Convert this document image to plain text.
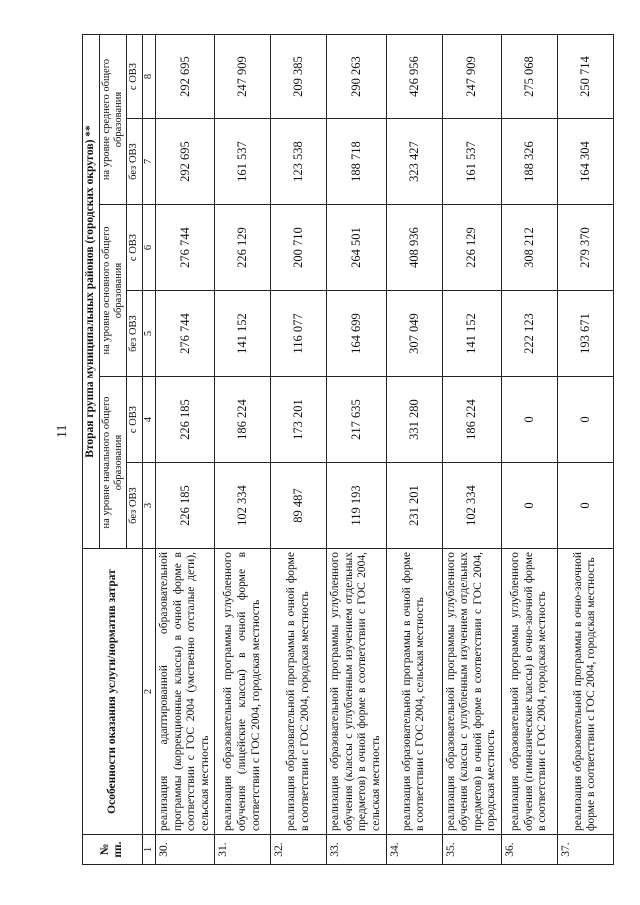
11
№ пп.	Особенности оказания услуги/норматив затрат	Вторая группа муниципальных районов (городских округов) **					
		на уровне начального общего образования		на уровне основного общего образования		на уровне среднего общего образования	
		без ОВЗ	с ОВЗ	без ОВЗ	с ОВЗ	без ОВЗ	с ОВЗ

1	2	3	4	5	6	7	8
30.	реализация адаптированной образовательной программы (коррекционные классы) в очной форме в соответствии с ГОС 2004 (умственно отсталые дети), сельская местность	226 185	226 185	276 744	276 744	292 695	292 695
31.	реализация образовательной программы углубленного обучения (лицейские классы) в очной форме в соответствии с ГОС 2004, городская местность	102 334	186 224	141 152	226 129	161 537	247 909
32.	реализация образовательной программы в очной форме в соответствии с ГОС 2004, городская местность	89 487	173 201	116 077	200 710	123 538	209 385
33.	реализация образовательной программы углубленного обучения (классы с углубленным изучением отдельных предметов) в очной форме в соответствии с ГОС 2004, сельская местность	119 193	217 635	164 699	264 501	188 718	290 263
34.	реализация образовательной программы в очной форме в соответствии с ГОС 2004, сельская местность	231 201	331 280	307 049	408 936	323 427	426 956
35.	реализация образовательной программы углубленного обучения (классы с углубленным изучением отдельных предметов) в очной форме в соответствии с ГОС 2004, городская местность	102 334	186 224	141 152	226 129	161 537	247 909
36.	реализация образовательной программы углубленного обучения (гимназические классы) в очно-заочной форме в соответствии с ГОС 2004, городская местность	0	0	222 123	308 212	188 326	275 068
37.	реализация образовательной программы в очно-заочной форме в соответствии с ГОС 2004, городская местность	0	0	193 671	279 370	164 304	250 714
